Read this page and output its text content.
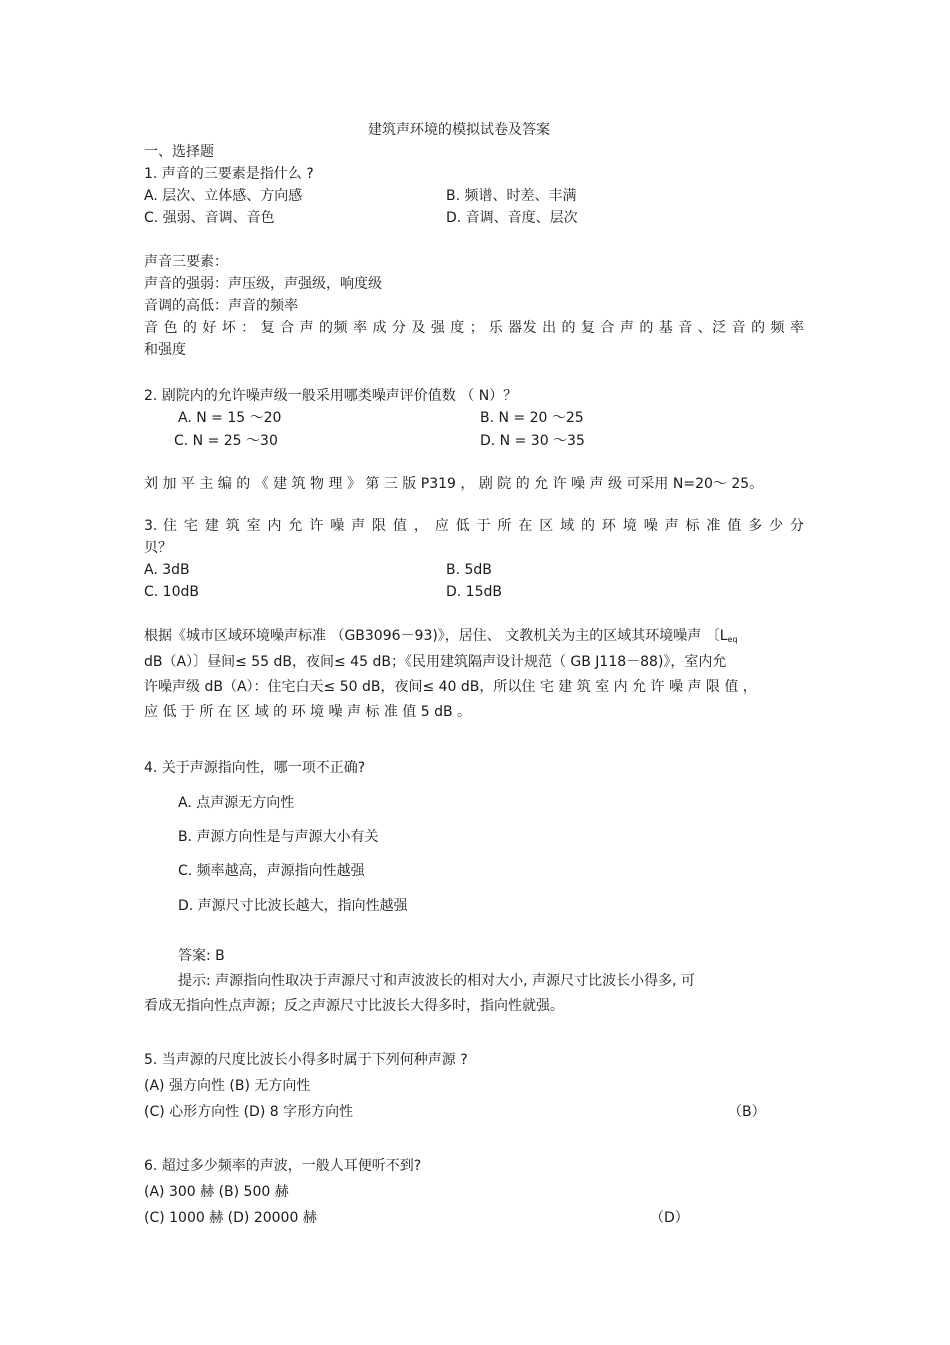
建筑声环境的模拟试卷及答案
一、选择题
1. 声音的三要素是指什么 ?
A. 层次、立体感、方向感	B. 频谱、时差、丰满
C. 强弱、音调、音色	D. 音调、音度、层次
声音三要素：
声音的强弱：声压级，声强级，响度级
音调的高低：声音的频率
音 色 的 好 坏 ： 复 合 声 的频 率 成 分 及 强 度 ； 乐 器发 出 的 复 合 声 的 基 音 、泛 音 的 频 率
和强度
2. 剧院内的允许噪声级一般采用哪类噪声评价值数 （ N）？
A. N = 15 ～20	B. N = 20 ～25
C. N = 25 ～30	D. N = 30 ～35
刘 加 平 主 编 的 《 建 筑 物 理 》 第 三 版 P319 ， 剧 院 的 允 许 噪 声 级 可采用 N=20～ 25。
3. 住 宅 建 筑 室 内 允 许 噪 声 限 值 ， 应 低 于 所 在 区 域 的 环 境 噪 声 标 准 值 多 少 分
贝？
A. 3dB	B. 5dB
C. 10dB	D. 15dB
根据《城市区域环境噪声标准 （GB3096－93)》，居住、 文教机关为主的区域其环境噪声 〔$L_{eq}$
dB（A）〕昼间≤ 55 dB，夜间≤ 45 dB；《民用建筑隔声设计规范（ GB J118－88)》，室内允
许噪声级 dB（A）：住宅白天≤ 50 dB，夜间≤ 40 dB，所以住 宅 建 筑 室 内 允 许 噪 声 限 值 ，
应 低 于 所 在 区 域 的 环 境 噪 声 标 准 值 5 dB 。
4. 关于声源指向性，哪一项不正确?
A. 点声源无方向性
B. 声源方向性是与声源大小有关
C. 频率越高，声源指向性越强
D. 声源尺寸比波长越大，指向性越强
答案: B
提示: 声源指向性取决于声源尺寸和声波波长的相对大小, 声源尺寸比波长小得多, 可
看成无指向性点声源；反之声源尺寸比波长大得多时，指向性就强。
5. 当声源的尺度比波长小得多时属于下列何种声源 ?
(A) 强方向性 (B) 无方向性
(C) 心形方向性 (D) 8 字形方向性	（B）
6. 超过多少频率的声波，一般人耳便听不到?
(A) 300 赫 (B) 500 赫
(C) 1000 赫 (D) 20000 赫	（D）
